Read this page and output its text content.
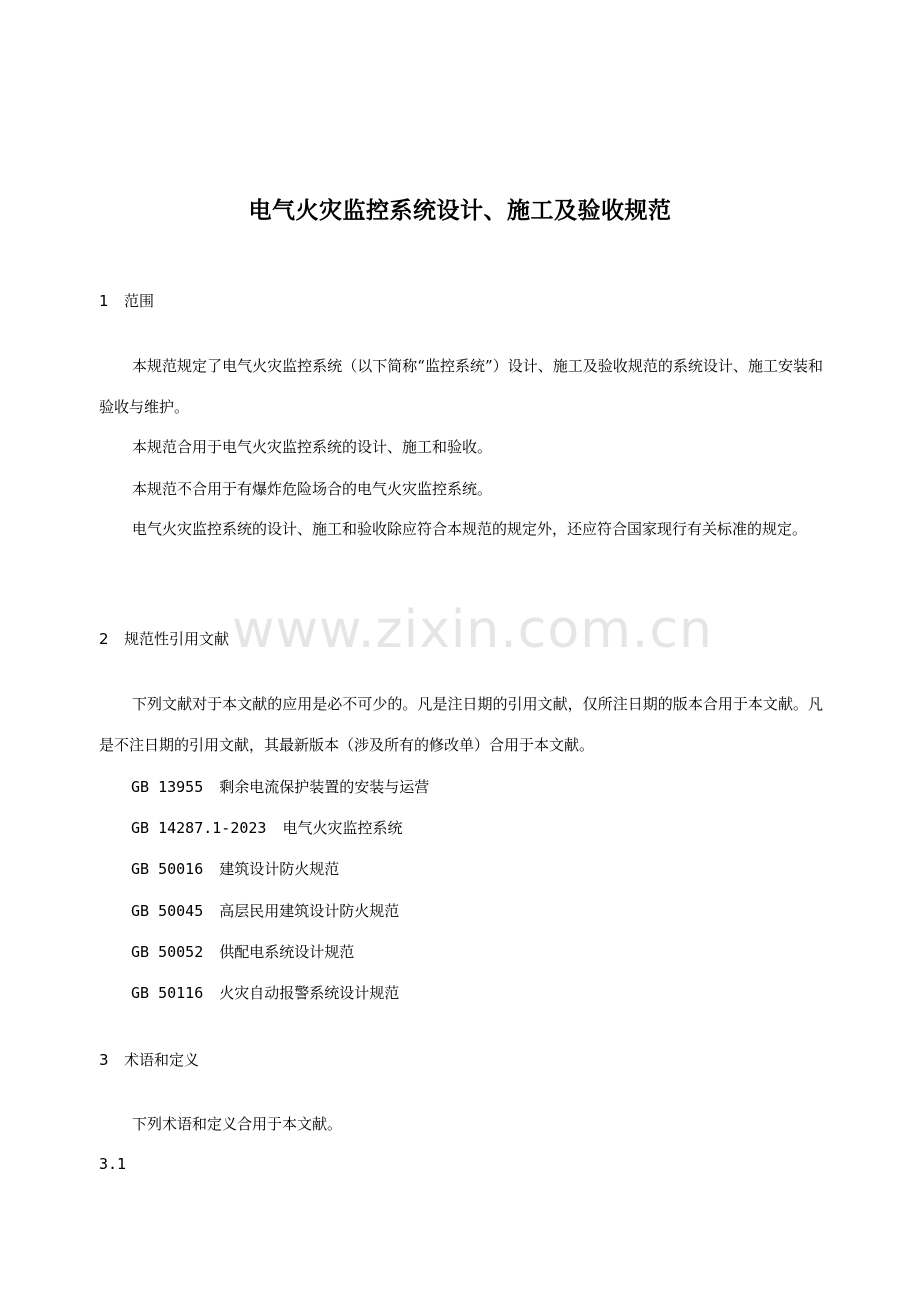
电气火灾监控系统设计、施工及验收规范
1 范围
本规范规定了电气火灾监控系统（以下简称“监控系统”）设计、施工及验收规范的系统设计、施工安装和验收与维护。
本规范合用于电气火灾监控系统的设计、施工和验收。
本规范不合用于有爆炸危险场合的电气火灾监控系统。
电气火灾监控系统的设计、施工和验收除应符合本规范的规定外，还应符合国家现行有关标准的规定。
2 规范性引用文献
下列文献对于本文献的应用是必不可少的。凡是注日期的引用文献，仅所注日期的版本合用于本文献。凡是不注日期的引用文献，其最新版本（涉及所有的修改单）合用于本文献。
GB 13955 剩余电流保护装置的安装与运营
GB 14287.1-2023 电气火灾监控系统
GB 50016 建筑设计防火规范
GB 50045 高层民用建筑设计防火规范
GB 50052 供配电系统设计规范
GB 50116 火灾自动报警系统设计规范
3 术语和定义
下列术语和定义合用于本文献。
3.1
www.zixin.com.cn
